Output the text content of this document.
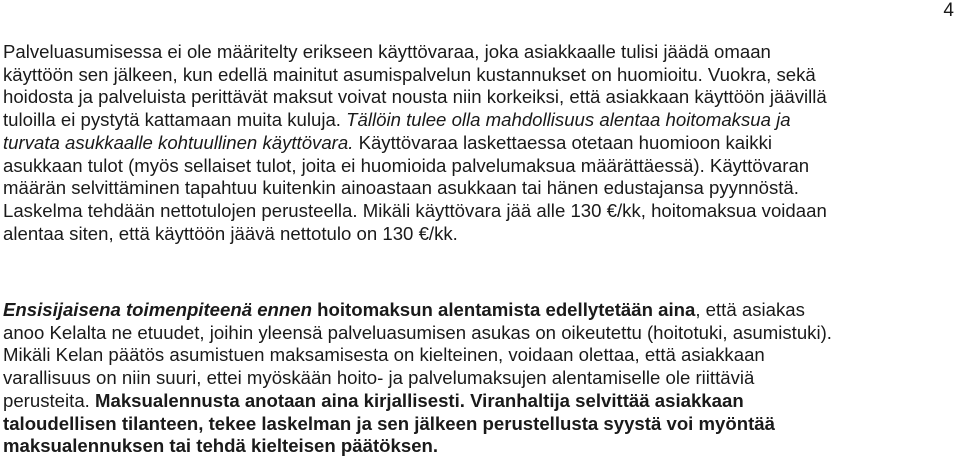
4
Palveluasumisessa ei ole määritelty erikseen käyttövaraa, joka asiakkaalle tulisi jäädä omaan
käyttöön sen jälkeen, kun edellä mainitut asumispalvelun kustannukset on huomioitu. Vuokra, sekä
hoidosta ja palveluista perittävät maksut voivat nousta niin korkeiksi, että asiakkaan käyttöön jäävillä
tuloilla ei pystytä kattamaan muita kuluja. Tällöin tulee olla mahdollisuus alentaa hoitomaksua ja
turvata asukkaalle kohtuullinen käyttövara. Käyttövaraa laskettaessa otetaan huomioon kaikki
asukkaan tulot (myös sellaiset tulot, joita ei huomioida palvelumaksua määrättäessä). Käyttövaran
määrän selvittäminen tapahtuu kuitenkin ainoastaan asukkaan tai hänen edustajansa pyynnöstä.
Laskelma tehdään nettotulojen perusteella. Mikäli käyttövara jää alle 130 €/kk, hoitomaksua voidaan
alentaa siten, että käyttöön jäävä nettotulo on 130 €/kk.
Ensisijaisena toimenpiteenä ennen hoitomaksun alentamista edellytetään aina, että asiakas
anoo Kelalta ne etuudet, joihin yleensä palveluasumisen asukas on oikeutettu (hoitotuki, asumistuki).
Mikäli Kelan päätös asumistuen maksamisesta on kielteinen, voidaan olettaa, että asiakkaan
varallisuus on niin suuri, ettei myöskään hoito- ja palvelumaksujen alentamiselle ole riittäviä
perusteita. Maksualennusta anotaan aina kirjallisesti. Viranhaltija selvittää asiakkaan
taloudellisen tilanteen, tekee laskelman ja sen jälkeen perustellusta syystä voi myöntää
maksualennuksen tai tehdä kielteisen päätöksen.
